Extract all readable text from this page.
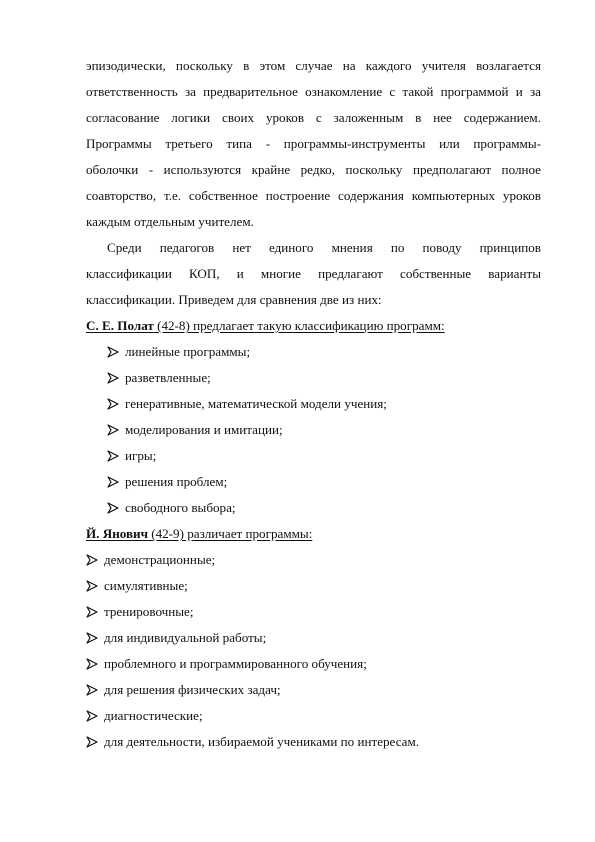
эпизодически, поскольку в этом случае на каждого учителя возлагается
ответственность за предварительное ознакомление с такой программой и за
согласование логики своих уроков с заложенным в нее содержанием.
Программы третьего типа - программы-инструменты или программы-
оболочки - используются крайне редко, поскольку предполагают полное
соавторство, т.е. собственное построение содержания компьютерных уроков
каждым отдельным учителем.
Среди педагогов нет единого мнения по поводу принципов
классификации КОП, и многие предлагают собственные варианты
классификации. Приведем для сравнения две из них:
С. Е. Полат (42-8) предлагает такую классификацию программ:
линейные программы;
разветвленные;
генеративные, математической модели учения;
моделирования и имитации;
игры;
решения проблем;
свободного выбора;
Й. Янович (42-9) различает программы:
демонстрационные;
симулятивные;
тренировочные;
для индивидуальной работы;
проблемного и программированного обучения;
для решения физических задач;
диагностические;
для деятельности, избираемой учениками по интересам.
